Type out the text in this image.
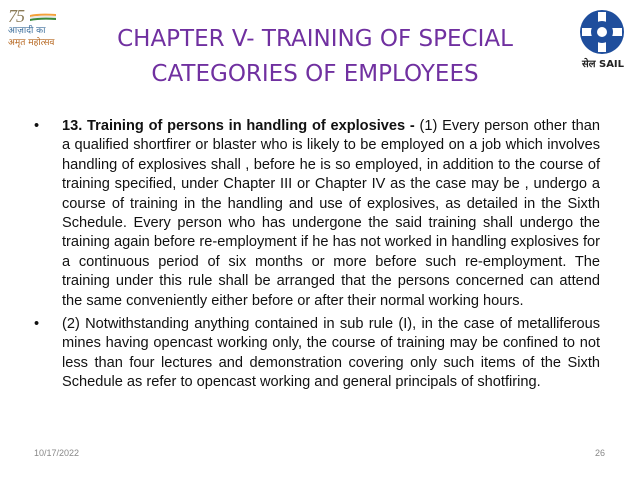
75
आज़ादी का
अमृत महोत्सव
सेल SAIL
CHAPTER V- TRAINING OF SPECIAL
CATEGORIES OF EMPLOYEES

• 13. Training of persons in handling of explosives - (1) Every person other than a qualified shortfirer or blaster who is likely to be employed on a job which involves handling of explosives shall , before he is so employed, in addition to the course of training specified, under Chapter III or Chapter IV as the case may be , undergo a course of training in the handling and use of explosives, as detailed in the Sixth Schedule. Every person who has undergone the said training shall undergo the training again before re-employment if he has not worked in handling explosives for a continuous period of six months or more before such re-employment. The training under this rule shall be arranged that the persons concerned can attend the same conveniently either before or after their normal working hours.

• (2) Notwithstanding anything contained in sub rule (I), in the case of metalliferous mines having opencast working only, the course of training may be confined to not less than four lectures and demonstration covering only such items of the Sixth Schedule as refer to opencast working and general principals of shotfiring.

10/17/2022	26
